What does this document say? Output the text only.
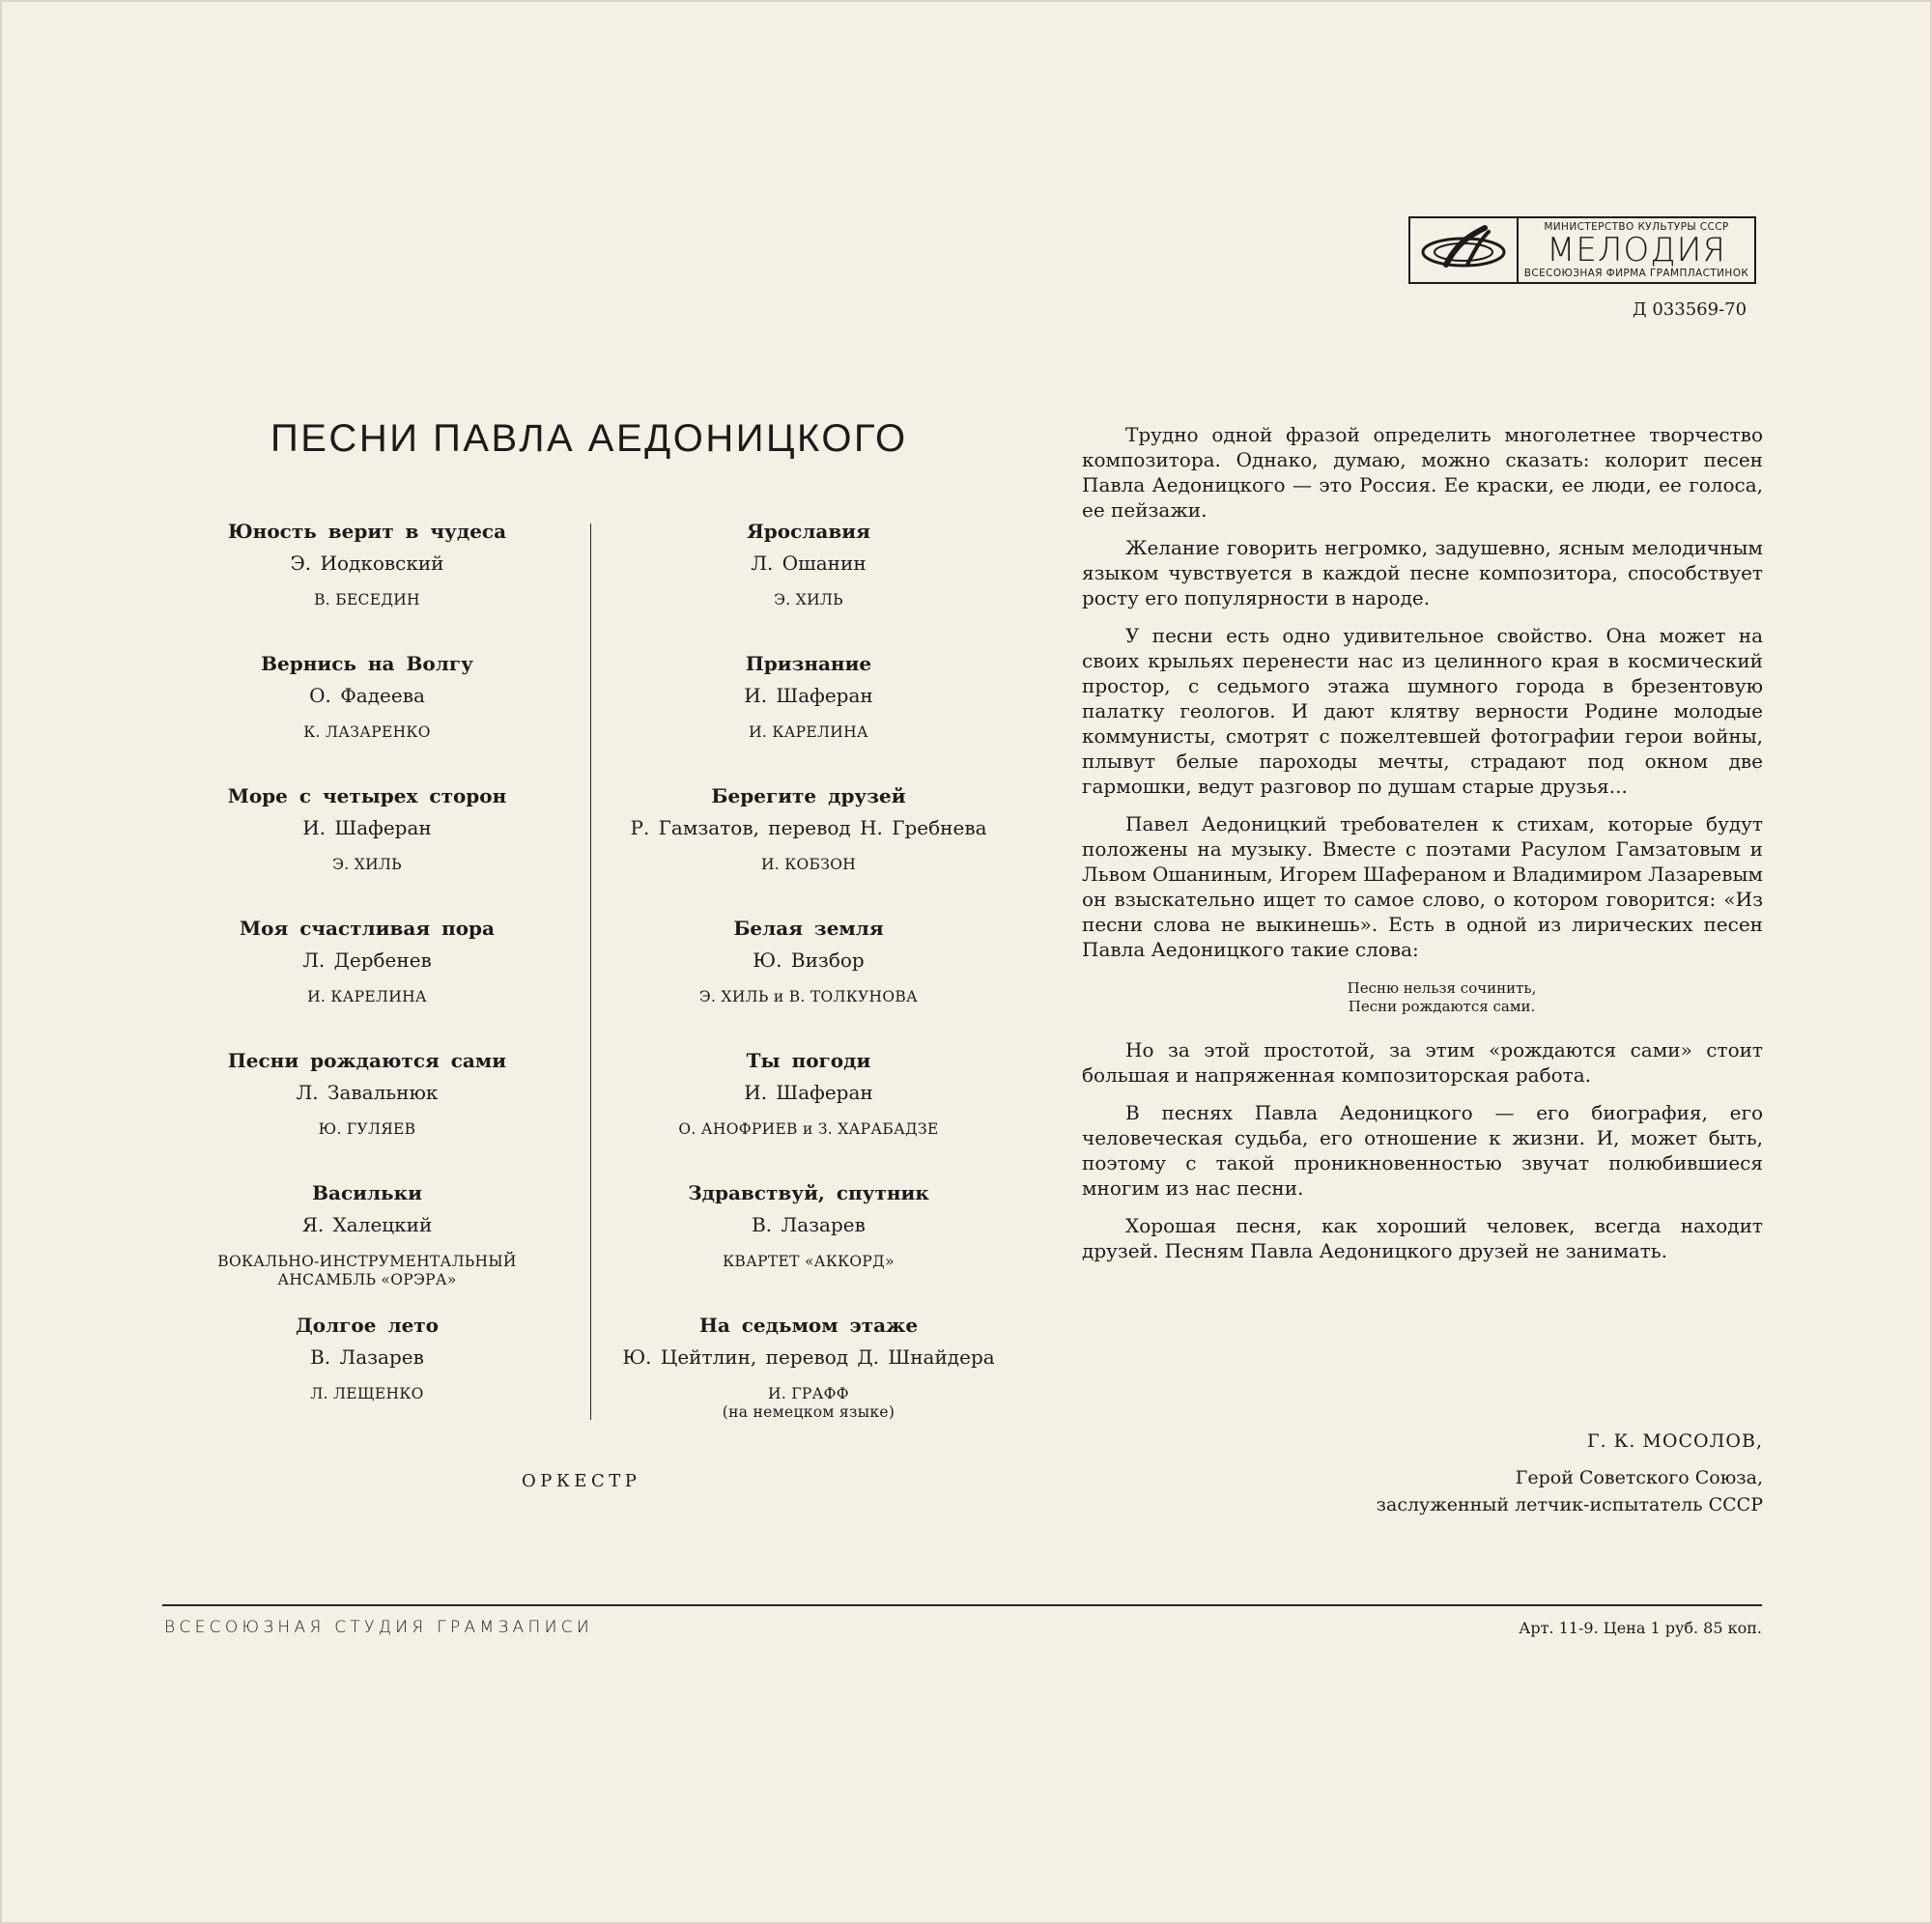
МИНИСТЕРСТВО КУЛЬТУРЫ СССР
МЕЛОДИЯ
ВСЕСОЮЗНАЯ ФИРМА ГРАМПЛАСТИНОК
Д 033569-70
ПЕСНИ ПАВЛА АЕДОНИЦКОГО
Юность верит в чудеса
Э. Иодковский
В. БЕСЕДИН
Вернись на Волгу
О. Фадеева
К. ЛАЗАРЕНКО
Море с четырех сторон
И. Шаферан
Э. ХИЛЬ
Моя счастливая пора
Л. Дербенев
И. КАРЕЛИНА
Песни рождаются сами
Л. Завальнюк
Ю. ГУЛЯЕВ
Васильки
Я. Халецкий
ВОКАЛЬНО-ИНСТРУМЕНТАЛЬНЫЙ
АНСАМБЛЬ «ОРЭРА»
Долгое лето
В. Лазарев
Л. ЛЕЩЕНКО
Ярославия
Л. Ошанин
Э. ХИЛЬ
Признание
И. Шаферан
И. КАРЕЛИНА
Берегите друзей
Р. Гамзатов, перевод Н. Гребнева
И. КОБЗОН
Белая земля
Ю. Визбор
Э. ХИЛЬ и В. ТОЛКУНОВА
Ты погоди
И. Шаферан
О. АНОФРИЕВ и З. ХАРАБАДЗЕ
Здравствуй, спутник
В. Лазарев
КВАРТЕТ «АККОРД»
На седьмом этаже
Ю. Цейтлин, перевод Д. Шнайдера
И. ГРАФФ
(на немецком языке)
ОРКЕСТР

Трудно одной фразой определить многолетнее творчество композитора. Однако, думаю, можно сказать: колорит песен Павла Аедоницкого — это Россия. Ее краски, ее люди, ее голоса, ее пейзажи.

Желание говорить негромко, задушевно, ясным мелодичным языком чувствуется в каждой песне композитора, способствует росту его популярности в народе.

У песни есть одно удивительное свойство. Она может на своих крыльях перенести нас из целинного края в космический простор, с седьмого этажа шумного города в брезентовую палатку геологов. И дают клятву верности Родине молодые коммунисты, смотрят с пожелтевшей фотографии герои войны, плывут белые пароходы мечты, страдают под окном две гармошки, ведут разговор по душам старые друзья...

Павел Аедоницкий требователен к стихам, которые будут положены на музыку. Вместе с поэтами Расулом Гамзатовым и Львом Ошаниным, Игорем Шафераном и Владимиром Лазаревым он взыскательно ищет то самое слово, о котором говорится: «Из песни слова не выкинешь». Есть в одной из лирических песен Павла Аедоницкого такие слова:

Песню нельзя сочинить,
Песни рождаются сами.

Но за этой простотой, за этим «рождаются сами» стоит большая и напряженная композиторская работа.

В песнях Павла Аедоницкого — его биография, его человеческая судьба, его отношение к жизни. И, может быть, поэтому с такой проникновенностью звучат полюбившиеся многим из нас песни.

Хорошая песня, как хороший человек, всегда находит друзей. Песням Павла Аедоницкого друзей не занимать.

Г. К. МОСОЛОВ,
Герой Советского Союза,
заслуженный летчик-испытатель СССР
ВСЕСОЮЗНАЯ СТУДИЯ ГРАМЗАПИСИ	Арт. 11-9. Цена 1 руб. 85 коп.
